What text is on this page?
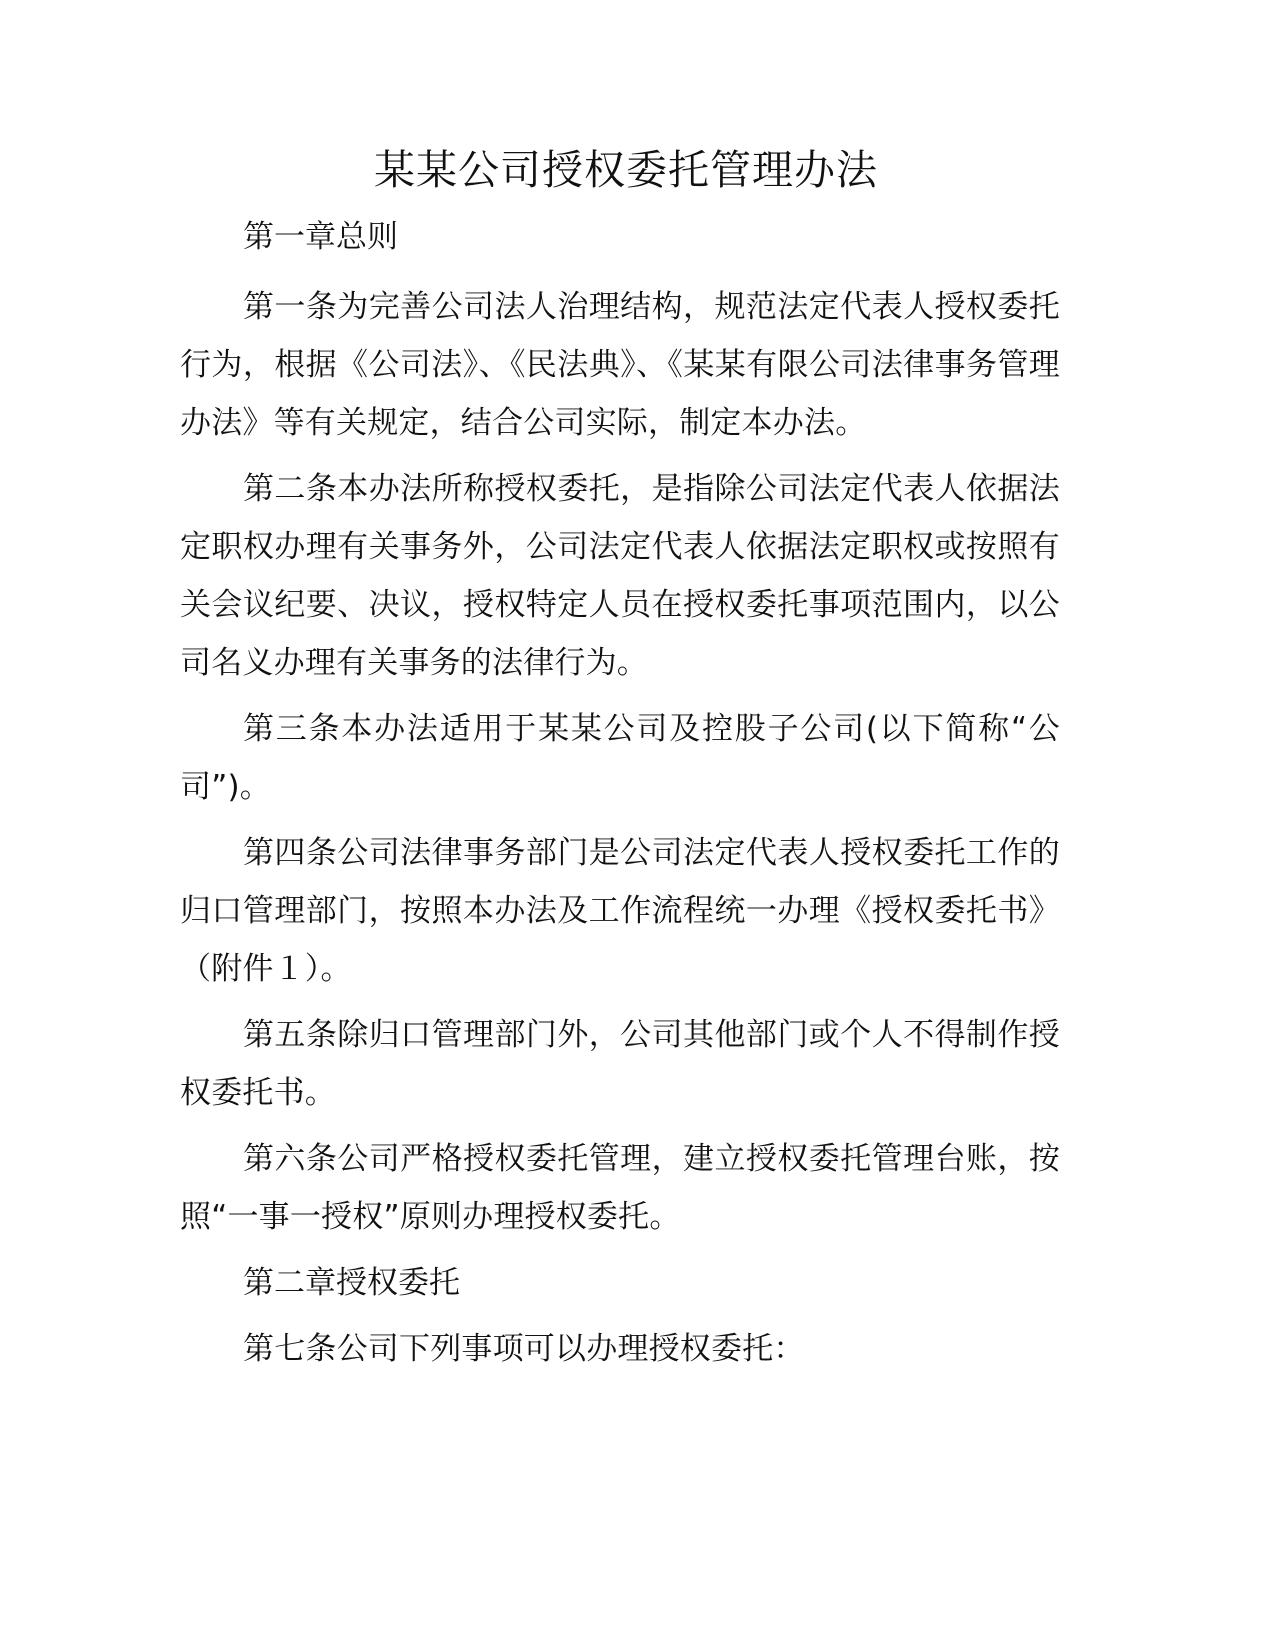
某某公司授权委托管理办法

第一章总则

第一条为完善公司法人治理结构，规范法定代表人授权委托行为，根据《公司法》、《民法典》、《某某有限公司法律事务管理办法》等有关规定，结合公司实际，制定本办法。

第二条本办法所称授权委托，是指除公司法定代表人依据法定职权办理有关事务外，公司法定代表人依据法定职权或按照有关会议纪要、决议，授权特定人员在授权委托事项范围内，以公司名义办理有关事务的法律行为。

第三条本办法适用于某某公司及控股子公司(以下简称“公司”)。

第四条公司法律事务部门是公司法定代表人授权委托工作的归口管理部门，按照本办法及工作流程统一办理《授权委托书》（附件１）。

第五条除归口管理部门外，公司其他部门或个人不得制作授权委托书。

第六条公司严格授权委托管理，建立授权委托管理台账，按照“一事一授权”原则办理授权委托。

第二章授权委托

第七条公司下列事项可以办理授权委托：
